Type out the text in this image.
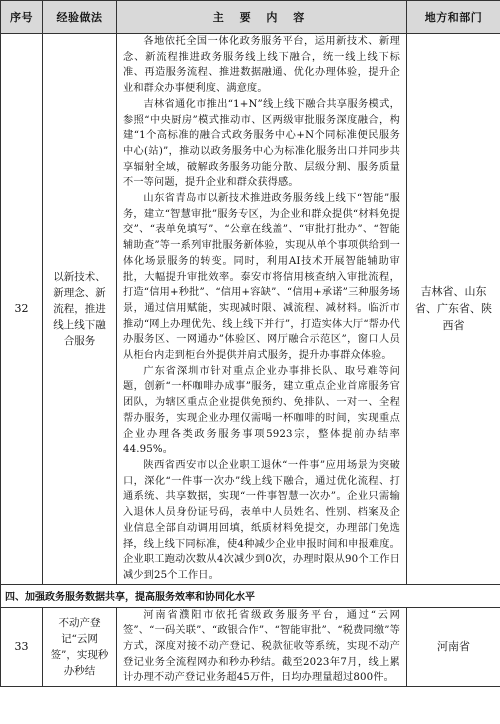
序号	经验做法	主 要 内 容	地方和部门
32	以新技术、新理念、新流程，推进线上线下融合服务	各地依托全国一体化政务服务平台，运用新技术、新理念、新流程推进政务服务线上线下融合，统一线上线下标准、再造服务流程、推进数据融通、优化办理体验，提升企业和群众办事便利度、满意度。

吉林省通化市推出“1+N”线上线下融合共享服务模式，参照“中央厨房”模式推动市、区两级审批服务深度融合，构建“1个高标准的融合式政务服务中心+N个同标准便民服务中心(站)”，推动以政务服务中心为标准化服务出口并同步共享辐射全域，破解政务服务功能分散、层级分割、服务质量不一等问题，提升企业和群众获得感。

山东省青岛市以新技术推进政务服务线上线下“智能”服务，建立“智慧审批”服务专区，为企业和群众提供“材料免提交”、“表单免填写”、“公章在线盖”、“审批打批办”、“智能辅助查”等一系列审批服务新体验，实现从单个事项供给到一体化场景服务的转变。同时，利用AI技术开展智能辅助审批，大幅提升审批效率。泰安市将信用核查纳入审批流程，打造“信用+秒批”、“信用+容缺”、“信用+承诺”三种服务场景，通过信用赋能，实现减时限、减流程、减材料。临沂市推动“网上办理优先、线上线下并行”，打造实体大厅“帮办代办服务区、一网通办”体验区、网厅融合示范区”，窗口人员从柜台内走到柜台外提供并肩式服务，提升办事群众体验。

广东省深圳市针对重点企业办事排长队、取号难等问题，创新“一杯咖啡办成事”服务，建立重点企业首席服务官团队，为辖区重点企业提供免预约、免排队、一对一、全程帮办服务，实现企业办理仅需喝一杯咖啡的时间，实现重点企业办理各类政务服务事项5923宗，整体提前办结率44.95%。

陕西省西安市以企业职工退休“一件事”应用场景为突破口，深化“一件事一次办”线上线下融合，通过优化流程、打通系统、共享数据，实现“一件事智慧一次办”。企业只需输入退休人员身份证号码，表单中人员姓名、性别、档案及企业信息全部自动调用回填，纸质材料免提交，办理部门免选择，线上线下同标准，使4种减少企业申报时间和申报难度。企业职工跑动次数从4次减少到0次，办理时限从90个工作日减少到25个工作日。	吉林省、山东省、广东省、陕西省
四、加强政务服务数据共享，提高服务效率和协同化水平			
33	不动产登记“云网签”，实现秒办秒结	河南省濮阳市依托省级政务服务平台，通过“云网签”、“一码关联”、“政银合作”、“智能审批”、“税费同缴”等方式，深度对接不动产登记、税款征收等系统，实现不动产登记业务全流程网办和秒办秒结。截至2023年7月，线上累计办理不动产登记业务超45万件，日均办理量超过800件。	河南省
